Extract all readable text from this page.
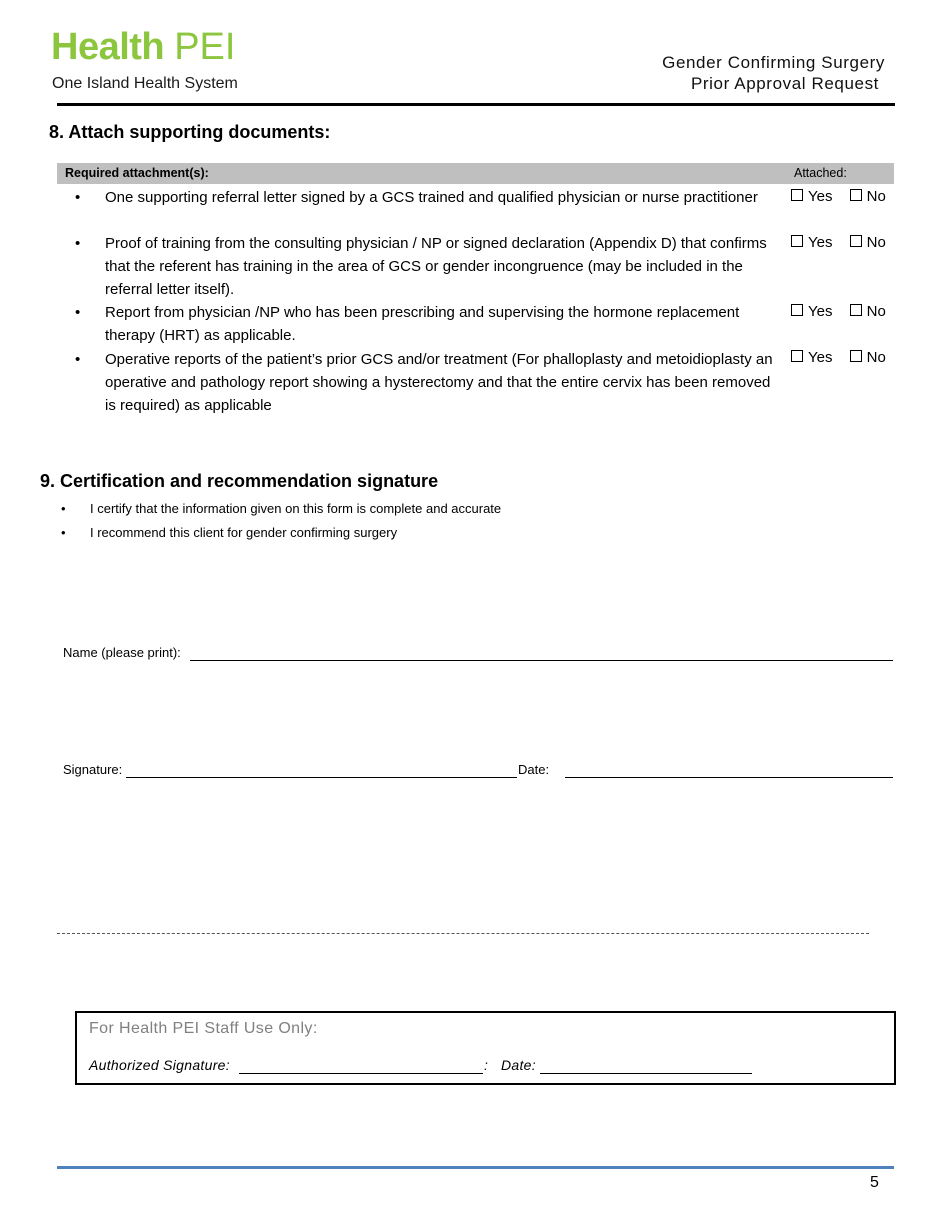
Health PEI
One Island Health System
Gender Confirming Surgery
Prior Approval Request
8. Attach supporting documents:
Required attachment(s):	Attached:
•	One supporting referral letter signed by a GCS trained and qualified physician or nurse practitioner	Yes No
•	Proof of training from the consulting physician / NP or signed declaration (Appendix D) that confirms that the referent has training in the area of GCS or gender incongruence (may be included in the referral letter itself).
Yes No
•	Report from physician /NP who has been prescribing and supervising the hormone replacement therapy (HRT) as applicable.
Yes No
•	Operative reports of the patient’s prior GCS and/or treatment (For phalloplasty and metoidioplasty an operative and pathology report showing a hysterectomy and that the entire cervix has been removed is required) as applicable
Yes No
9. Certification and recommendation signature
• I certify that the information given on this form is complete and accurate
• I recommend this client for gender confirming surgery
Name (please print):
Signature:	Date:
For Health PEI Staff Use Only:
Authorized Signature:	: Date:
5
